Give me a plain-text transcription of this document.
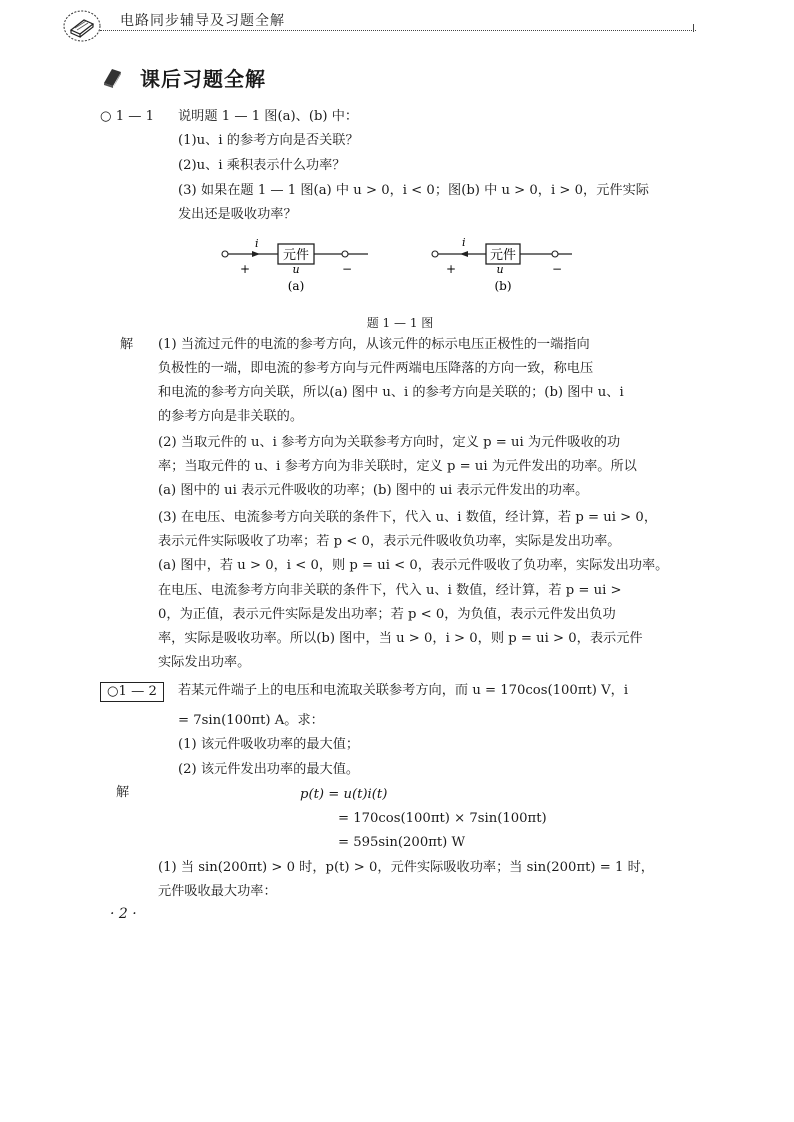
电路同步辅导及习题全解
课后习题全解
○ 1 — 1 说明题 1 — 1 图(a)、(b) 中：
(1)u、i 的参考方向是否关联？
(2)u、i 乘积表示什么功率？
(3) 如果在题 1 — 1 图(a) 中 u > 0，i < 0；图(b) 中 u > 0，i > 0，元件实际
发出还是吸收功率？
i
元件
+	u	−
(a)
i
元件
+	u	−
(b)
题 1 — 1 图
解 (1) 当流过元件的电流的参考方向，从该元件的标示电压正极性的一端指向
负极性的一端，即电流的参考方向与元件两端电压降落的方向一致，称电压
和电流的参考方向关联，所以(a) 图中 u、i 的参考方向是关联的；(b) 图中 u、i
的参考方向是非关联的。
(2) 当取元件的 u、i 参考方向为关联参考方向时，定义 p = ui 为元件吸收的功
率；当取元件的 u、i 参考方向为非关联时，定义 p = ui 为元件发出的功率。所以
(a) 图中的 ui 表示元件吸收的功率；(b) 图中的 ui 表示元件发出的功率。
(3) 在电压、电流参考方向关联的条件下，代入 u、i 数值，经计算，若 p = ui > 0，
表示元件实际吸收了功率；若 p < 0，表示元件吸收负功率，实际是发出功率。
(a) 图中，若 u > 0，i < 0，则 p = ui < 0，表示元件吸收了负功率，实际发出功率。
在电压、电流参考方向非关联的条件下，代入 u、i 数值，经计算，若 p = ui >
0，为正值，表示元件实际是发出功率；若 p < 0，为负值，表示元件发出负功
率，实际是吸收功率。所以(b) 图中，当 u > 0，i > 0，则 p = ui > 0，表示元件
实际发出功率。
○1 — 2	若某元件端子上的电压和电流取关联参考方向，而 u = 170cos(100πt) V，i
= 7sin(100πt) A。求：
(1) 该元件吸收功率的最大值；
(2) 该元件发出功率的最大值。
解	p(t) = u(t)i(t)
= 170cos(100πt) × 7sin(100πt)
= 595sin(200πt) W
(1) 当 sin(200πt) > 0 时，p(t) > 0，元件实际吸收功率；当 sin(200πt) = 1 时，
元件吸收最大功率：
· 2 ·
